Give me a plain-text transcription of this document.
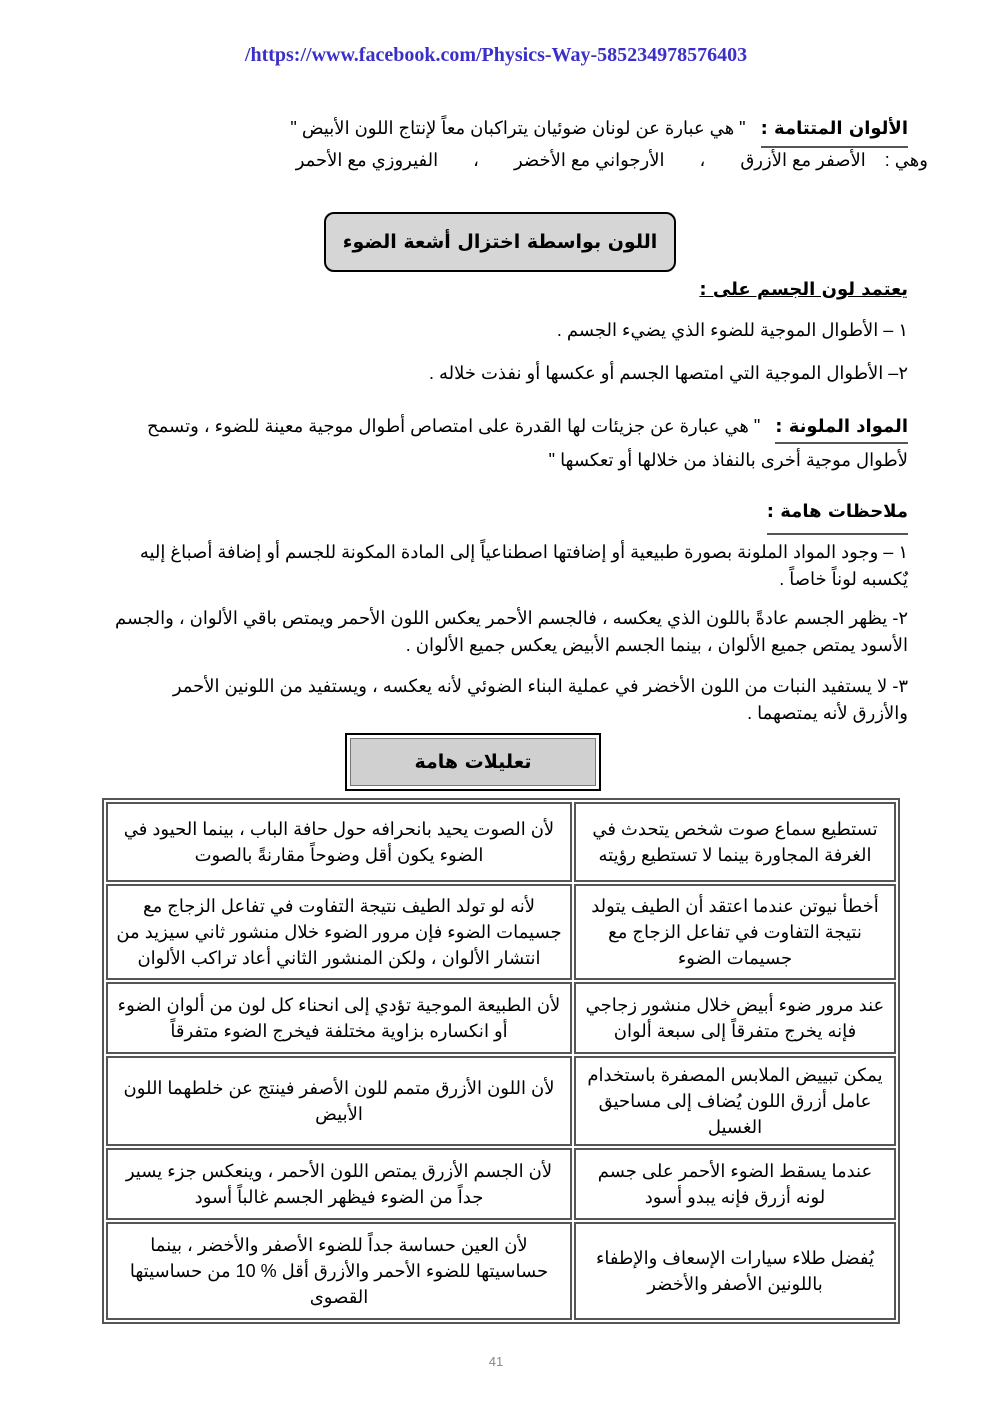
/https://www.facebook.com/Physics-Way-585234978576403
الألوان المتتامة : " هي عبارة عن لونان ضوئيان يتراكبان معاً لإنتاج اللون الأبيض "
وهي : الأصفر مع الأزرق ، الأرجواني مع الأخضر ، الفيروزي مع الأحمر
اللون بواسطة اختزال أشعة الضوء
يعتمد لون الجسم على :
١ – الأطوال الموجية للضوء الذي يضيء الجسم .
٢– الأطوال الموجية التي امتصها الجسم أو عكسها أو نفذت خلاله .
المواد الملونة : " هي عبارة عن جزيئات لها القدرة على امتصاص أطوال موجية معينة للضوء ، وتسمح لأطوال موجية أخرى بالنفاذ من خلالها أو تعكسها "
ملاحظات هامة :
١ – وجود المواد الملونة بصورة طبيعية أو إضافتها اصطناعياً إلى المادة المكونة للجسم أو إضافة أصباغ إليه يٌكسبه لوناً خاصاً .
٢- يظهر الجسم عادةً باللون الذي يعكسه ، فالجسم الأحمر يعكس اللون الأحمر ويمتص باقي الألوان ، والجسم الأسود يمتص جميع الألوان ، بينما الجسم الأبيض يعكس جميع الألوان .
٣- لا يستفيد النبات من اللون الأخضر في عملية البناء الضوئي لأنه يعكسه ، ويستفيد من اللونين الأحمر والأزرق لأنه يمتصهما .
تعليلات هامة
تستطيع سماع صوت شخص يتحدث في الغرفة المجاورة بينما لا تستطيع رؤيته	لأن الصوت يحيد بانحرافه حول حافة الباب ، بينما الحيود في الضوء يكون أقل وضوحاً مقارنةً بالصوت
أخطأ نيوتن عندما اعتقد أن الطيف يتولد نتيجة التفاوت في تفاعل الزجاج مع جسيمات الضوء	لأنه لو تولد الطيف نتيجة التفاوت في تفاعل الزجاج مع جسيمات الضوء فإن مرور الضوء خلال منشور ثاني سيزيد من انتشار الألوان ، ولكن المنشور الثاني أعاد تراكب الألوان
عند مرور ضوء أبيض خلال منشور زجاجي فإنه يخرج متفرقاً إلى سبعة ألوان	لأن الطبيعة الموجية تؤدي إلى انحناء كل لون من ألوان الضوء أو انكساره بزاوية مختلفة فيخرج الضوء متفرقاً
يمكن تبييض الملابس المصفرة باستخدام عامل أزرق اللون يُضاف إلى مساحيق الغسيل	لأن اللون الأزرق متمم للون الأصفر فينتج عن خلطهما اللون الأبيض
عندما يسقط الضوء الأحمر على جسم لونه أزرق فإنه يبدو أسود	لأن الجسم الأزرق يمتص اللون الأحمر ، وينعكس جزء يسير جداً من الضوء فيظهر الجسم غالباً أسود
يُفضل طلاء سيارات الإسعاف والإطفاء باللونين الأصفر والأخضر	لأن العين حساسة جداً للضوء الأصفر والأخضر ، بينما حساسيتها للضوء الأحمر والأزرق أقل % 10 من حساسيتها القصوى
41
